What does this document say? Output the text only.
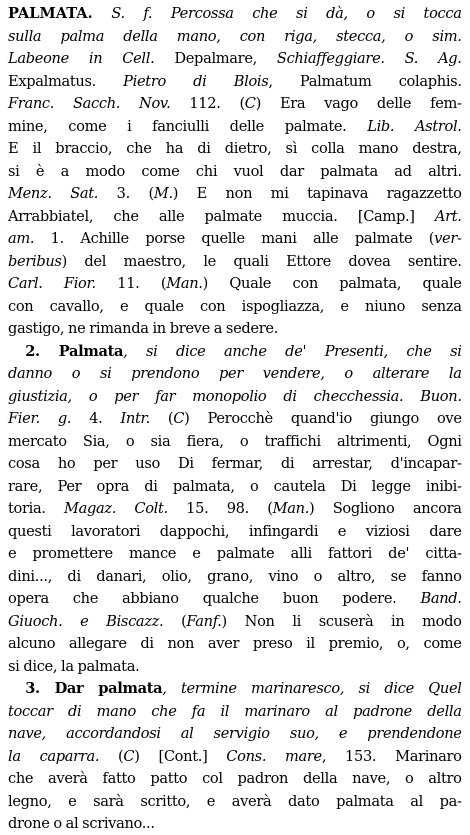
PALMATA. S. f. Percossa che si dà, o si tocca
sulla palma della mano, con riga, stecca, o sim.
Labeone in Cell. Depalmare, Schiaffeggiare. S. Ag.
Expalmatus. Pietro di Blois, Palmatum colaphis.
Franc. Sacch. Nov. 112. (C) Era vago delle fem-
mine, come i fanciulli delle palmate. Lib. Astrol.
E il braccio, che ha di dietro, sì colla mano destra,
si è a modo come chi vuol dar palmata ad altri.
Menz. Sat. 3. (M.) E non mi tapinava ragazzetto
Arrabbiatel, che alle palmate muccia. [Camp.] Art.
am. 1. Achille porse quelle mani alle palmate (ver-
beribus) del maestro, le quali Ettore dovea sentire.
Carl. Fior. 11. (Man.) Quale con palmata, quale
con cavallo, e quale con ispogliazza, e niuno senza
gastigo, ne rimanda in breve a sedere.
2. Palmata, si dice anche de' Presenti, che si
danno o si prendono per vendere, o alterare la
giustizia, o per far monopolio di checchessia. Buon.
Fier. g. 4. Intr. (C) Perocchè quand'io giungo ove
mercato Sia, o sia fiera, o traffichi altrimenti, Ogni
cosa ho per uso Di fermar, di arrestar, d'incapar-
rare, Per opra di palmata, o cautela Di legge inibi-
toria. Magaz. Colt. 15. 98. (Man.) Sogliono ancora
questi lavoratori dappochi, infingardi e viziosi dare
e promettere mance e palmate alli fattori de' citta-
dini..., di danari, olio, grano, vino o altro, se fanno
opera che abbiano qualche buon podere. Band.
Giuoch. e Biscazz. (Fanf.) Non li scuserà in modo
alcuno allegare di non aver preso il premio, o, come
si dice, la palmata.
3. Dar palmata, termine marinaresco, si dice Quel
toccar di mano che fa il marinaro al padrone della
nave, accordandosi al servigio suo, e prendendone
la caparra. (C) [Cont.] Cons. mare, 153. Marinaro
che averà fatto patto col padron della nave, o altro
legno, e sarà scritto, e averà dato palmata al pa-
drone o al scrivano...
